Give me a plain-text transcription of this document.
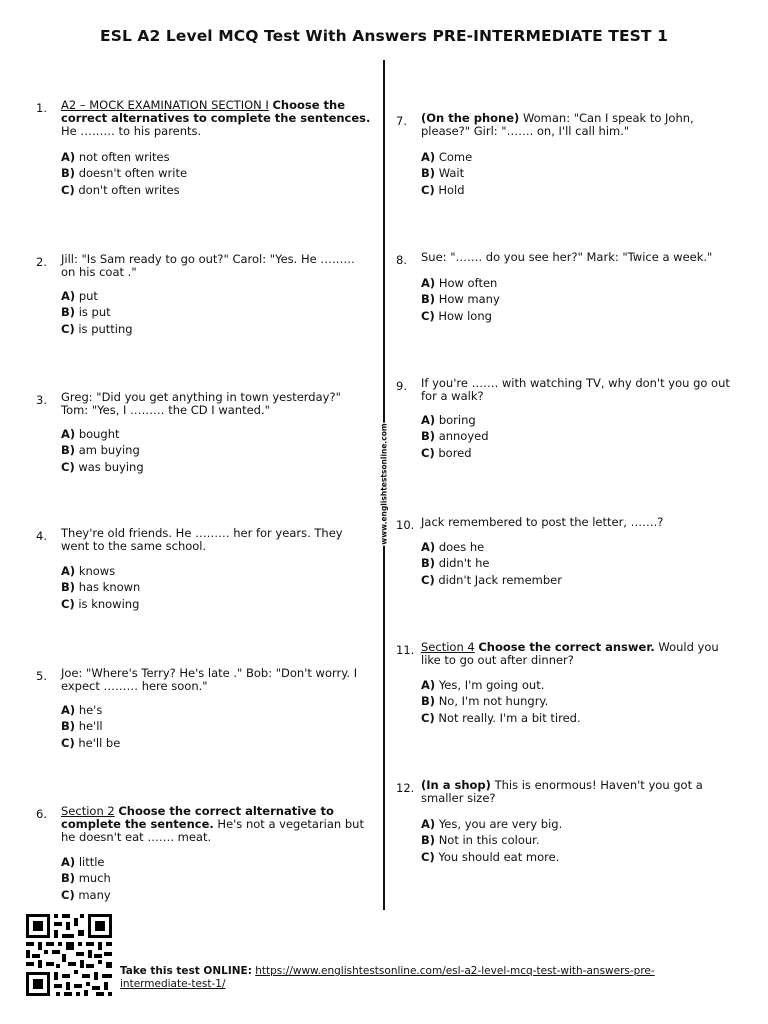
ESL A2 Level MCQ Test With Answers PRE-INTERMEDIATE TEST 1
www.englishtestsonline.com
1. A2 – MOCK EXAMINATION SECTION I Choose the correct alternatives to complete the sentences.
He ……… to his parents.
A) not often writes
B) doesn't often write
C) don't often writes
2. Jill: "Is Sam ready to go out?" Carol: "Yes. He ……… on his coat ."
A) put
B) is put
C) is putting
3. Greg: "Did you get anything in town yesterday?" Tom: "Yes, I ……… the CD I wanted."
A) bought
B) am buying
C) was buying
4. They're old friends. He ……… her for years. They went to the same school.
A) knows
B) has known
C) is knowing
5. Joe: "Where's Terry? He's late ." Bob: "Don't worry. I expect ……… here soon."
A) he's
B) he'll
C) he'll be
6. Section 2 Choose the correct alternative to complete the sentence. He's not a vegetarian but he doesn't eat ……. meat.
A) little
B) much
C) many
7. (On the phone) Woman: "Can I speak to John, please?" Girl: "……. on, I'll call him."
A) Come
B) Wait
C) Hold
8. Sue: "……. do you see her?" Mark: "Twice a week."
A) How often
B) How many
C) How long
9. If you're ……. with watching TV, why don't you go out for a walk?
A) boring
B) annoyed
C) bored
10. Jack remembered to post the letter, …….?
A) does he
B) didn't he
C) didn't Jack remember
11. Section 4 Choose the correct answer. Would you like to go out after dinner?
A) Yes, I'm going out.
B) No, I'm not hungry.
C) Not really. I'm a bit tired.
12. (In a shop) This is enormous! Haven't you got a smaller size?
A) Yes, you are very big.
B) Not in this colour.
C) You should eat more.
Take this test ONLINE: https://www.englishtestsonline.com/esl-a2-level-mcq-test-with-answers-pre-intermediate-test-1/
